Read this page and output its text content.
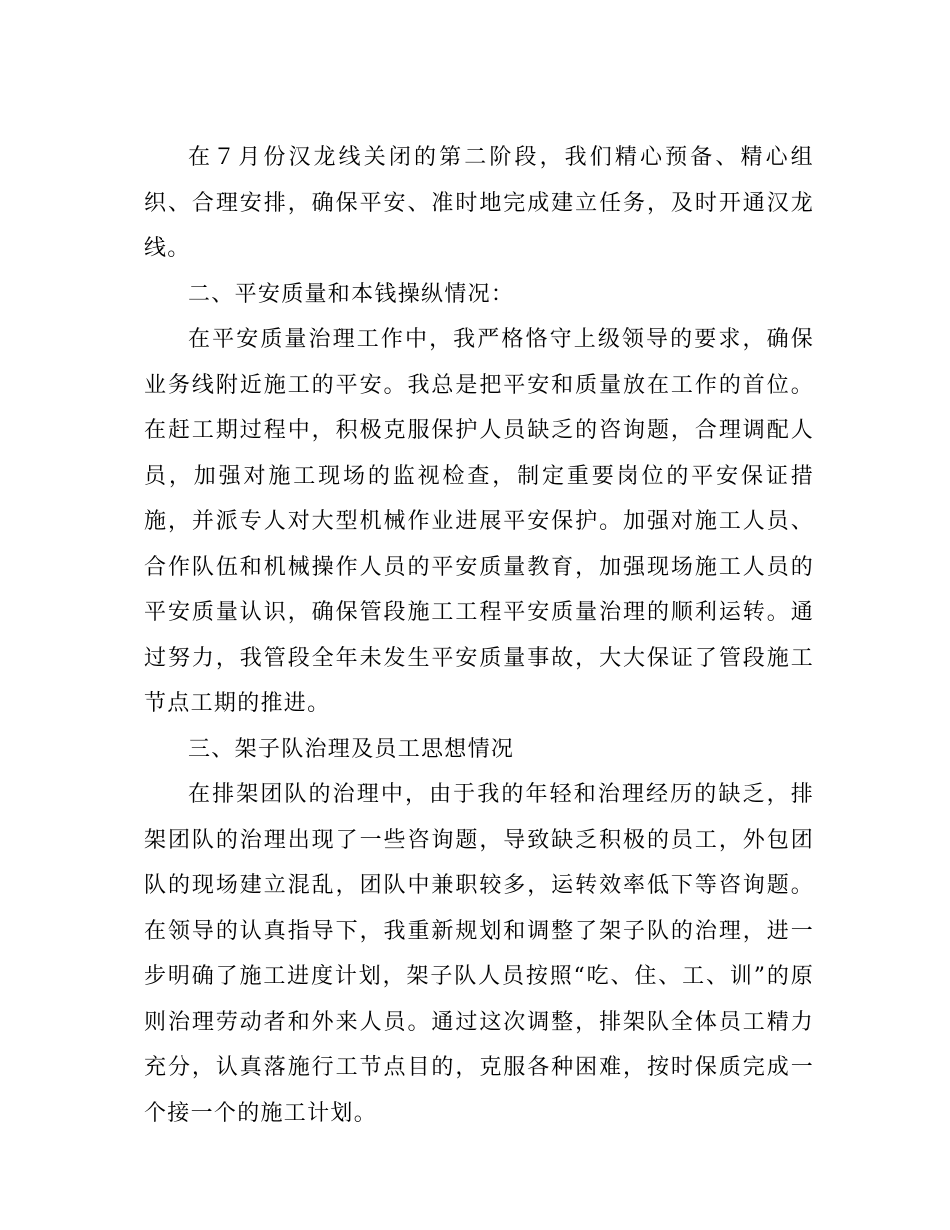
在７月份汉龙线关闭的第二阶段，我们精心预备、精心组织、合理安排，确保平安、准时地完成建立任务，及时开通汉龙线。

二、平安质量和本钱操纵情况：

在平安质量治理工作中，我严格恪守上级领导的要求，确保业务线附近施工的平安。我总是把平安和质量放在工作的首位。在赶工期过程中，积极克服保护人员缺乏的咨询题，合理调配人员，加强对施工现场的监视检查，制定重要岗位的平安保证措施，并派专人对大型机械作业进展平安保护。加强对施工人员、合作队伍和机械操作人员的平安质量教育，加强现场施工人员的平安质量认识，确保管段施工工程平安质量治理的顺利运转。通过努力，我管段全年未发生平安质量事故，大大保证了管段施工节点工期的推进。

三、架子队治理及员工思想情况

在排架团队的治理中，由于我的年轻和治理经历的缺乏，排架团队的治理出现了一些咨询题，导致缺乏积极的员工，外包团队的现场建立混乱，团队中兼职较多，运转效率低下等咨询题。在领导的认真指导下，我重新规划和调整了架子队的治理，进一步明确了施工进度计划，架子队人员按照“吃、住、工、训”的原则治理劳动者和外来人员。通过这次调整，排架队全体员工精力充分，认真落施行工节点目的，克服各种困难，按时保质完成一个接一个的施工计划。
